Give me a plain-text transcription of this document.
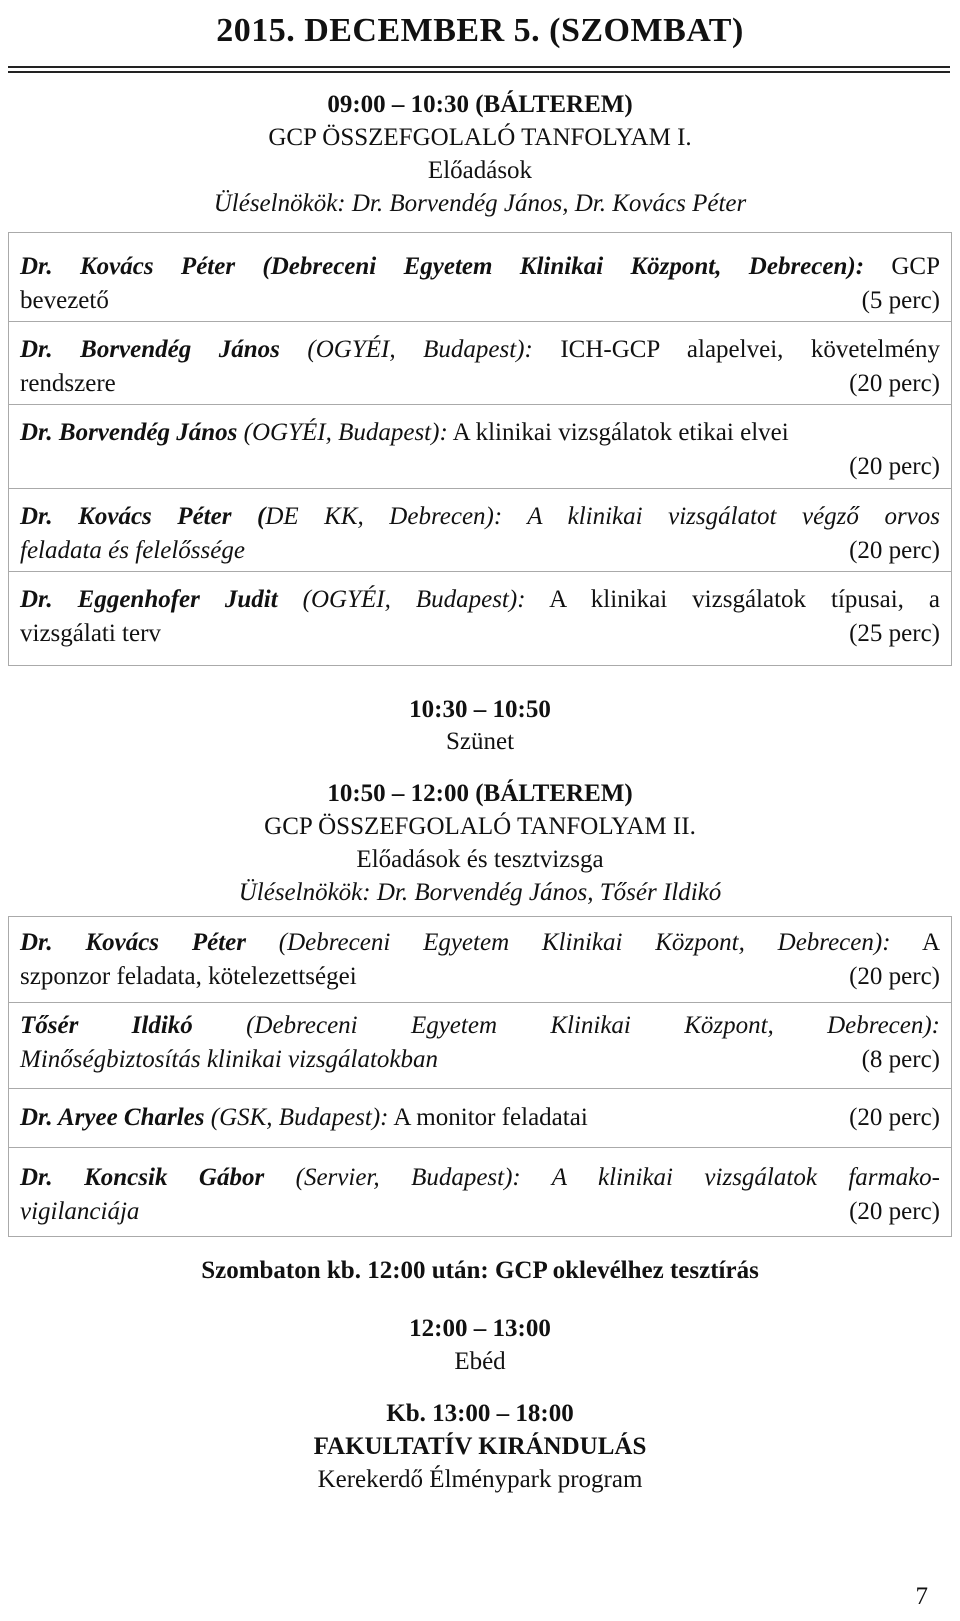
2015. DECEMBER 5. (SZOMBAT)
09:00 – 10:30 (BÁLTEREM)
GCP ÖSSZEFGOLALÓ TANFOLYAM I.
Előadások
Üléselnökök: Dr. Borvendég János, Dr. Kovács Péter
Dr. Kovács Péter (Debreceni Egyetem Klinikai Központ, Debrecen): GCP
bevezető	(5 perc)
Dr. Borvendég János (OGYÉI, Budapest): ICH-GCP alapelvei, követelmény
rendszere	(20 perc)
Dr. Borvendég János (OGYÉI, Budapest): A klinikai vizsgálatok etikai elvei
(20 perc)
Dr. Kovács Péter (DE KK, Debrecen): A klinikai vizsgálatot végző orvos
feladata és felelőssége	(20 perc)
Dr. Eggenhofer Judit (OGYÉI, Budapest): A klinikai vizsgálatok típusai, a
vizsgálati terv	(25 perc)
10:30 – 10:50
Szünet
10:50 – 12:00 (BÁLTEREM)
GCP ÖSSZEFGOLALÓ TANFOLYAM II.
Előadások és tesztvizsga
Üléselnökök: Dr. Borvendég János, Tősér Ildikó
Dr. Kovács Péter (Debreceni Egyetem Klinikai Központ, Debrecen): A
szponzor feladata, kötelezettségei	(20 perc)
Tősér Ildikó (Debreceni Egyetem Klinikai Központ, Debrecen):
Minőségbiztosítás klinikai vizsgálatokban	(8 perc)
Dr. Aryee Charles (GSK, Budapest): A monitor feladatai	(20 perc)
Dr. Koncsik Gábor (Servier, Budapest): A klinikai vizsgálatok farmako-
vigilanciája	(20 perc)
Szombaton kb. 12:00 után: GCP oklevélhez tesztírás
12:00 – 13:00
Ebéd
Kb. 13:00 – 18:00
FAKULTATÍV KIRÁNDULÁS
Kerekerdő Élménypark program
7
